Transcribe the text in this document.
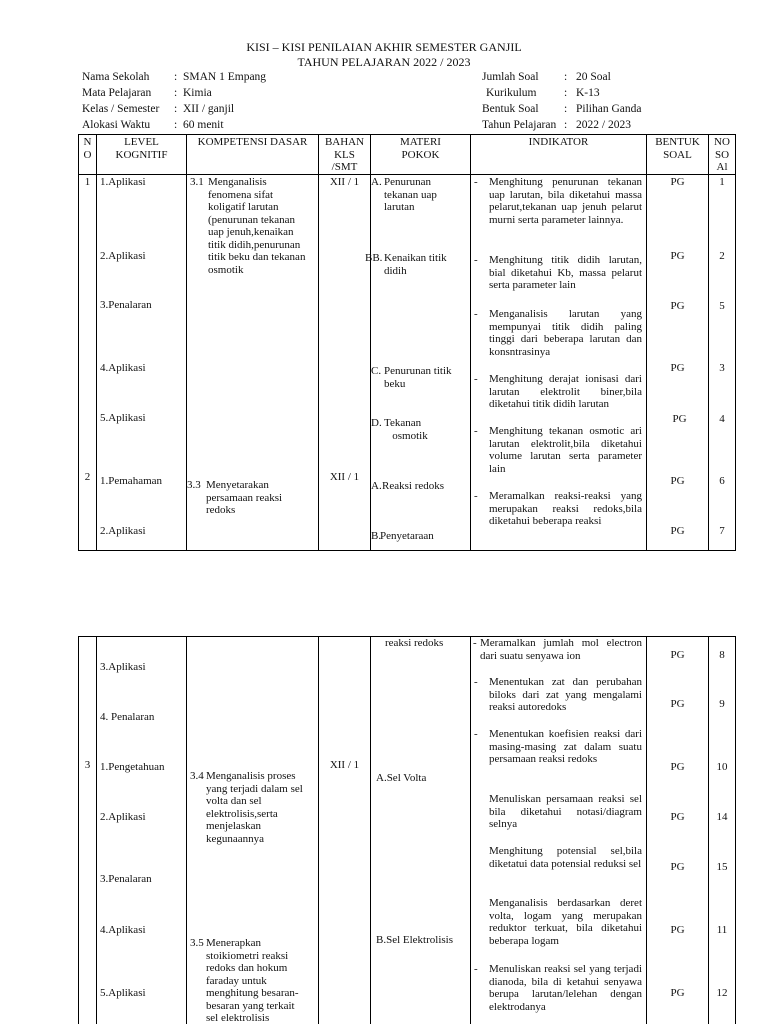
KISI – KISI PENILAIAN AKHIR SEMESTER GANJIL
TAHUN PELAJARAN 2022 / 2023
Nama Sekolah : SMAN 1 Empang
Mata Pelajaran : Kimia
Kelas / Semester : XII / ganjil
Alokasi Waktu : 60 menit
Jumlah Soal : 20 Soal
Kurikulum : K-13
Bentuk Soal : Pilihan Ganda
Tahun Pelajaran : 2022 / 2023
N
O
LEVEL
KOGNITIF
KOMPETENSI DASAR	BAHAN
KLS
/SMT
MATERI
POKOK
INDIKATOR	BENTUK
SOAL
NO
SO
Al
1
2
1.Aplikasi
2.Aplikasi
3.Penalaran
4.Aplikasi
5.Aplikasi
1.Pemahaman
2.Aplikasi
3.1 Menganalisis
fenomena sifat
koligatif larutan
(penurunan tekanan
uap jenuh,kenaikan
titik didih,penurunan
titik beku dan tekanan
osmotik
3.3 Menyetarakan
persamaan reaksi
redoks
XII / 1
XII / 1
A. Penurunan
tekanan uap
larutan
BB. Kenaikan titik
didih
C. Penurunan titik
beku
D. Tekanan
osmotik
A. Reaksi redoks
B.
Penyetaraan
- Menghitung penurunan tekanan uap larutan, bila diketahui massa pelarut,tekanan uap jenuh pelarut murni serta parameter lainnya.
- Menghitung titik didih larutan, bial diketahui Kb, massa pelarut serta parameter lain
- Menganalisis larutan yang mempunyai titik didih paling tinggi dari beberapa larutan dan konsntrasinya
- Menghitung derajat ionisasi dari larutan elektrolit biner,bila diketahui titik didih larutan
- Menghitung tekanan osmotic ari larutan elektrolit,bila diketahui volume larutan serta parameter lain
- Meramalkan reaksi-reaksi yang merupakan reaksi redoks,bila diketahui beberapa reaksi
PG
PG
PG
PG
PG
PG
PG
1
2
5
3
4
6
7
3
3.Aplikasi
4. Penalaran
1.Pengetahuan
2.Aplikasi
3.Penalaran
4.Aplikasi
5.Aplikasi
3.4 Menganalisis proses
yang terjadi dalam sel
volta dan sel
elektrolisis,serta
menjelaskan
kegunaannya
3.5 Menerapkan
stoikiometri reaksi
redoks dan hokum
faraday untuk
menghitung besaran-
besaran yang terkait
sel elektrolisis
XII / 1
reaksi redoks
A.Sel Volta
B.Sel Elektrolisis
- Meramalkan jumlah mol electron dari suatu senyawa ion
- Menentukan zat dan perubahan biloks dari zat yang mengalami reaksi autoredoks
- Menentukan koefisien reaksi dari masing-masing zat dalam suatu persamaan reaksi redoks
Menuliskan persamaan reaksi sel bila diketahui notasi/diagram selnya
Menghitung potensial sel,bila diketatui data potensial reduksi sel
Menganalisis berdasarkan deret volta, logam yang merupakan reduktor terkuat, bila diketahui beberapa logam
- Menuliskan reaksi sel yang terjadi dianoda, bila di ketahui senyawa berupa larutan/lelehan dengan elektrodanya
PG
PG
PG
PG
PG
PG
PG
8
9
10
14
15
11
12
